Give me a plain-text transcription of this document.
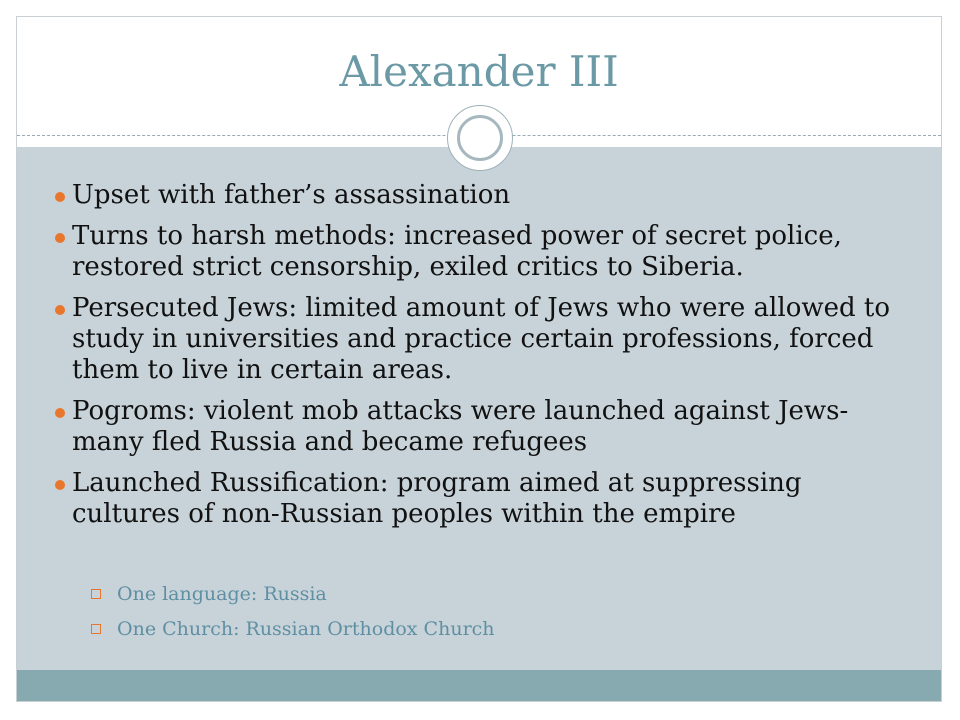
Alexander III
Upset with father’s assassination
Turns to harsh methods: increased power of secret police, restored strict censorship, exiled critics to Siberia.
Persecuted Jews: limited amount of Jews who were allowed to study in universities and practice certain professions, forced them to live in certain areas.
Pogroms: violent mob attacks were launched against Jews-many fled Russia and became refugees
Launched Russification: program aimed at suppressing cultures of non-Russian peoples within the empire
One language: Russia
One Church: Russian Orthodox Church
